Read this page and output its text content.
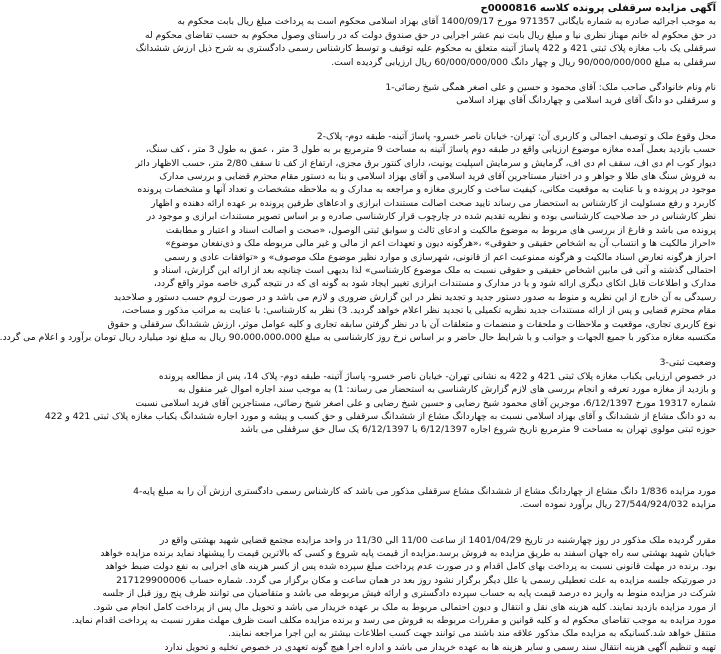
آگهی مزایده سرقفلی پرونده کلاسه 0000816ح
به موجب اجرائیه صادره به شماره بایگانی 971357 مورخ 1400/09/17 آقای بهزاد اسلامی محکوم است به پرداخت مبلغ ریال بابت محکوم به
در حق محکوم له خانم مهناز نظری نیا و مبلغ ریال بابت نیم عشر اجرایی در حق صندوق دولت که در راستای وصول محکوم به حسب تقاضای محکوم له
سرقفلی یک باب مغازه پلاک ثبتی 421 و 422 پاساژ آتینه متعلق به محکوم علیه توقیف و توسط کارشناس رسمی دادگستری به شرح ذیل ارزش ششدانگ
سرقفلی به مبلغ 90/000/000/000 ریال و چهار دانگ 60/000/000/000 ریال ارزیابی گردیده است.
نام ونام خانوادگی صاحب ملک: آقای محمود و حسین و علی اصغر همگی شیخ رضائی-1
و سرقفلی دو دانگ آقای فرید اسلامی و چهاردانگ آقای بهزاد اسلامی
محل وقوع ملک و توصیف اجمالی و کاربری آن: تهران- خیابان ناصر خسرو- پاساژ آتینه- طبقه دوم- پلاک-2
حسب بازدید بعمل آمده مغازه موضوع ارزیابی واقع در طبقه دوم پاساژ آتینه به مساحت 9 مترمربع بر به طول 3 متر ، عمق به طول 3 متر ، کف سنگ،
دیوار کوب ام دی اف، سقف ام دی اف، گرمایش و سرمایش اسپلیت یونیت، دارای کنتور برق مجزی، ارتفاع از کف تا سقف 2/80 متر، حسب الاظهار دائر
به فروش سنگ های طلا و جواهر و در اختیار مستاجرین آقای فرید اسلامی و آقای بهزاد اسلامی و بنا به دستور مقام محترم قضایی و بررسی مدارک
موجود در پرونده و با عنایت به موقعیت مکانی، کیفیت ساخت و کاربری مغازه و مراجعه به مدارک و به ملاحظه مشخصات و تعداد آنها و مشخصات پرونده
کاربرد و رفع مسئولیت از کارشناس به استحضار می رساند تایید صحت اصالت مستندات ابرازی و ادعاهای طرفین پرونده بر عهده ارائه دهنده و اظهار
نظر کارشناس در حد صلاحیت کارشناسی بوده و نظریه تقدیم شده در چارچوب قرار کارشناسی صادره و بر اساس تصویر مستندات ابرازی و موجود در
پرونده می باشد و فارغ از بررسی های مربوط به موضوع مالکیت و ادعای ثالث و سوابق ثبتی الوصول، «صحت و اصالت اسناد و اعتبار و مطابقت
«احراز مالکیت ها و انتساب آن به اشخاص حقیقی و حقوقی» ،«هرگونه دیون و تعهدات اعم از مالی و غیر مالی مربوطه ملک و ذی‌نفعان موضوع»
احراز هرگونه تعارض اسناد مالکیت و هرگونه ممنوعیت اعم از قانونی، شهرسازی و موارد نظیر موضوع ملک موصوف» و «توافقات عادی و رسمی
احتمالی گذشته و آتی فی مابین اشخاص حقیقی و حقوقی نسبت به ملک موضوع کارشناسی» لذا بدیهی است چنانچه بعد از ارائه این گزارش، اسناد و
مدارک و اطلاعات قابل اتکای دیگری ارائه شود و یا در مدارک و مستندات ابرازی تغییر ایجاد شود به گونه ای که در نتیجه گیری خاصه موثر واقع گردد،
رسیدگی به آن خارج از این نظریه و منوط به صدور دستور جدید و تجدید نظر در این گزارش ضروری و لازم می باشد و در صورت لزوم حسب دستور و صلاحدید
مقام محترم قضایی و پس از ارائه مستندات جدید نظریه تکمیلی یا تجدید نظر اعلام خواهد گردید. 3) نظر به کارشناسی: با عنایت به مراتب مذکور و مساحت،
نوع کاربری تجاری، موقعیت و ملاحظات و ملحقات و منضمات و متعلقات آن با در نظر گرفتن سابقه تجاری و کلیه عوامل موثر، ارزش ششدانگ سرقفلی و حقوق
مکتسبه مغازه مذکور با جمیع الجهات و جوانب و با شرایط حال حاضر و بر اساس نرخ روز کارشناسی به مبلغ 90،000،000،000 ریال به مبلغ نود میلیارد ریال تومان برآورد و اعلام می گردد.
وضعیت ثبتی-3
در خصوص ارزیابی یکباب مغازه پلاک ثبتی 421 و 422 به نشانی تهران- خیابان ناصر خسرو- پاساژ آتینه- طبقه دوم- پلاک 14، پس از مطالعه پرونده
و بازدید از مغازه مورد تعرفه و انجام بررسی های لازم گزارش کارشناسی به استحضار می رساند: 1) به موجب سند اجاره اموال غیر منقول به
شماره 19317 مورخ 6/12/1397، موجرین آقای محمود شیخ رضایی و حسین شیخ رضایی و علی اصغر شیخ رضائی، مستاجرین آقای فرید اسلامی نسبت
به دو دانگ مشاع از ششدانگ و آقای بهزاد اسلامی نسبت به چهاردانگ مشاع از ششدانگ سرقفلی و حق کسب و پیشه و مورد اجاره ششدانگ یکباب مغازه پلاک ثبتی 421 و 422
حوزه ثبتی مولوی تهران به مساحت 9 مترمربع تاریخ شروع اجاره 6/12/1397 با 6/12/1397 یک سال حق سرقفلی می باشد
مورد مزایده 1/836 دانگ مشاع از چهاردانگ مشاع از ششدانگ مشاع سرقفلی مذکور می باشد که کارشناس رسمی دادگستری ارزش آن را به مبلغ پایه-4
مزایده 27/544/924/032 ریال برآورد نموده است.
مقرر گردیده ملک مذکور در روز چهارشنبه در تاریخ 1401/04/29 از ساعت 11/00 الی 11/30 در واحد مزایده مجتمع قضایی شهید بهشتی واقع در
خیابان شهید بهشتی سه راه جهان اسفند به طریق مزایده به فروش برسد.مزایده از قیمت پایه شروع و کسی که بالاترین قیمت را پیشنهاد نماید برنده مزایده خواهد
بود. برنده در مهلت قانونی نسبت به پرداخت بهای کامل اقدام و در صورت عدم پرداخت مبلغ سپرده شده پس از کسر هزینه های اجرایی به نفع دولت ضبط خواهد
در صورتیکه جلسه مزایده به علت تعطیلی رسمی یا علل دیگر برگزار نشود روز بعد در همان ساعت و مکان برگزار می گردد. شماره حساب 217129900006
شرکت در مزایده منوط به واریز ده درصد قیمت پایه به حساب سپرده دادگستری و ارائه فیش مربوطه می باشد و متقاضیان می توانند ظرف پنج روز قبل از جلسه
از مورد مزایده بازدید نمایند. کلیه هزینه های نقل و انتقال و دیون احتمالی مربوط به ملک بر عهده خریدار می باشد و تحویل مال پس از پرداخت کامل انجام می شود.
مورد مزایده به موجب تقاضای محکوم له و کلیه قوانین و مقررات مربوطه به فروش می رسد و برنده مزایده مکلف است ظرف مهلت مقرر نسبت به پرداخت اقدام نماید.
منتقل خواهد شد.کسانیکه به مزایده ملک مذکور علاقه مند باشند می توانند جهت کسب اطلاعات بیشتر به این اجرا مراجعه نمایند.
تهیه و تنظیم آگهی هزینه انتقال سند رسمی و سایر هزینه ها به عهده خریدار می باشد و اداره اجرا هیچ گونه تعهدی در خصوص تخلیه و تحویل ندارد
